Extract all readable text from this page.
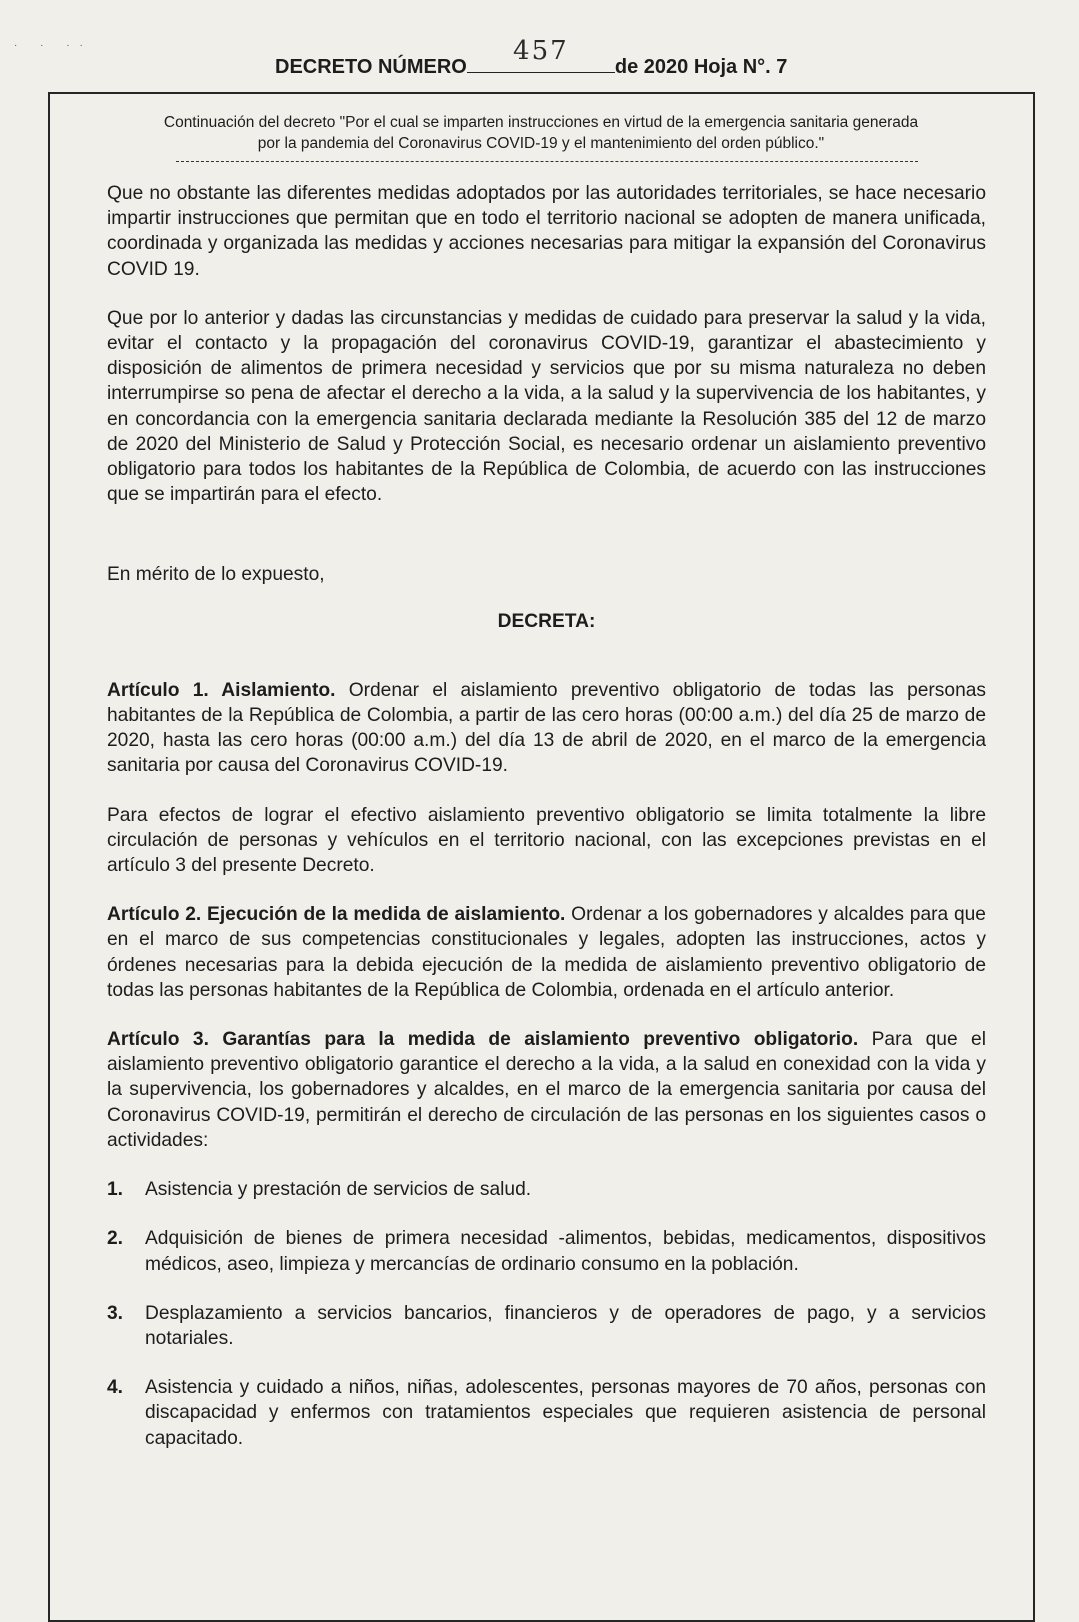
· · ··
DECRETO NÚMERO
457
de 2020 Hoja N°. 7
Continuación del decreto "Por el cual se imparten instrucciones en virtud de la emergencia sanitaria generada
por la pandemia del Coronavirus COVID-19 y el mantenimiento del orden público."

Que no obstante las diferentes medidas adoptados por las autoridades territoriales, se hace necesario impartir instrucciones que permitan que en todo el territorio nacional se adopten de manera unificada, coordinada y organizada las medidas y acciones necesarias para mitigar la expansión del Coronavirus COVID 19.

Que por lo anterior y dadas las circunstancias y medidas de cuidado para preservar la salud y la vida, evitar el contacto y la propagación del coronavirus COVID-19, garantizar el abastecimiento y disposición de alimentos de primera necesidad y servicios que por su misma naturaleza no deben interrumpirse so pena de afectar el derecho a la vida, a la salud y la supervivencia de los habitantes, y en concordancia con la emergencia sanitaria declarada mediante la Resolución 385 del 12 de marzo de 2020 del Ministerio de Salud y Protección Social, es necesario ordenar un aislamiento preventivo obligatorio para todos los habitantes de la República de Colombia, de acuerdo con las instrucciones que se impartirán para el efecto.

En mérito de lo expuesto,

DECRETA:

Artículo 1. Aislamiento. Ordenar el aislamiento preventivo obligatorio de todas las personas habitantes de la República de Colombia, a partir de las cero horas (00:00 a.m.) del día 25 de marzo de 2020, hasta las cero horas (00:00 a.m.) del día 13 de abril de 2020, en el marco de la emergencia sanitaria por causa del Coronavirus COVID-19.

Para efectos de lograr el efectivo aislamiento preventivo obligatorio se limita totalmente la libre circulación de personas y vehículos en el territorio nacional, con las excepciones previstas en el artículo 3 del presente Decreto.

Artículo 2. Ejecución de la medida de aislamiento. Ordenar a los gobernadores y alcaldes para que en el marco de sus competencias constitucionales y legales, adopten las instrucciones, actos y órdenes necesarias para la debida ejecución de la medida de aislamiento preventivo obligatorio de todas las personas habitantes de la República de Colombia, ordenada en el artículo anterior.

Artículo 3. Garantías para la medida de aislamiento preventivo obligatorio. Para que el aislamiento preventivo obligatorio garantice el derecho a la vida, a la salud en conexidad con la vida y la supervivencia, los gobernadores y alcaldes, en el marco de la emergencia sanitaria por causa del Coronavirus COVID-19, permitirán el derecho de circulación de las personas en los siguientes casos o actividades:

1.	Asistencia y prestación de servicios de salud.
2.	Adquisición de bienes de primera necesidad -alimentos, bebidas, medicamentos, dispositivos médicos, aseo, limpieza y mercancías de ordinario consumo en la población.
3.	Desplazamiento a servicios bancarios, financieros y de operadores de pago, y a servicios notariales.
4.	Asistencia y cuidado a niños, niñas, adolescentes, personas mayores de 70 años, personas con discapacidad y enfermos con tratamientos especiales que requieren asistencia de personal capacitado.
